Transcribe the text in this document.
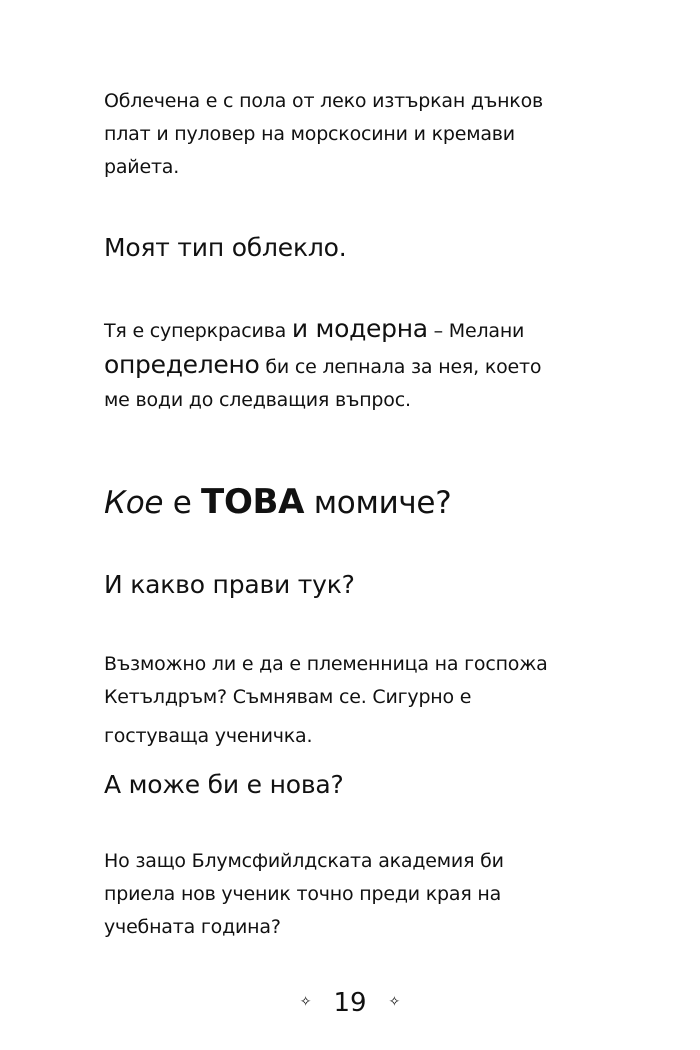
Облечена е с пола от леко изтъркан дънков
плат и пуловер на морскосини и кремави
райета.

Моят тип облекло.

Тя е суперкрасива и модерна – Мелани
определено би се лепнала за нея, което
ме води до следващия въпрос.

Кое е ТОВА момиче?
И какво прави тук?

Възможно ли е да е племенница на госпожа
Кетълдръм? Съмнявам се. Сигурно е
гостуваща ученичка.

А може би е нова?

Но защо Блумсфийлдската академия би
приела нов ученик точно преди края на
учебната година?

✧ 19 ✧
